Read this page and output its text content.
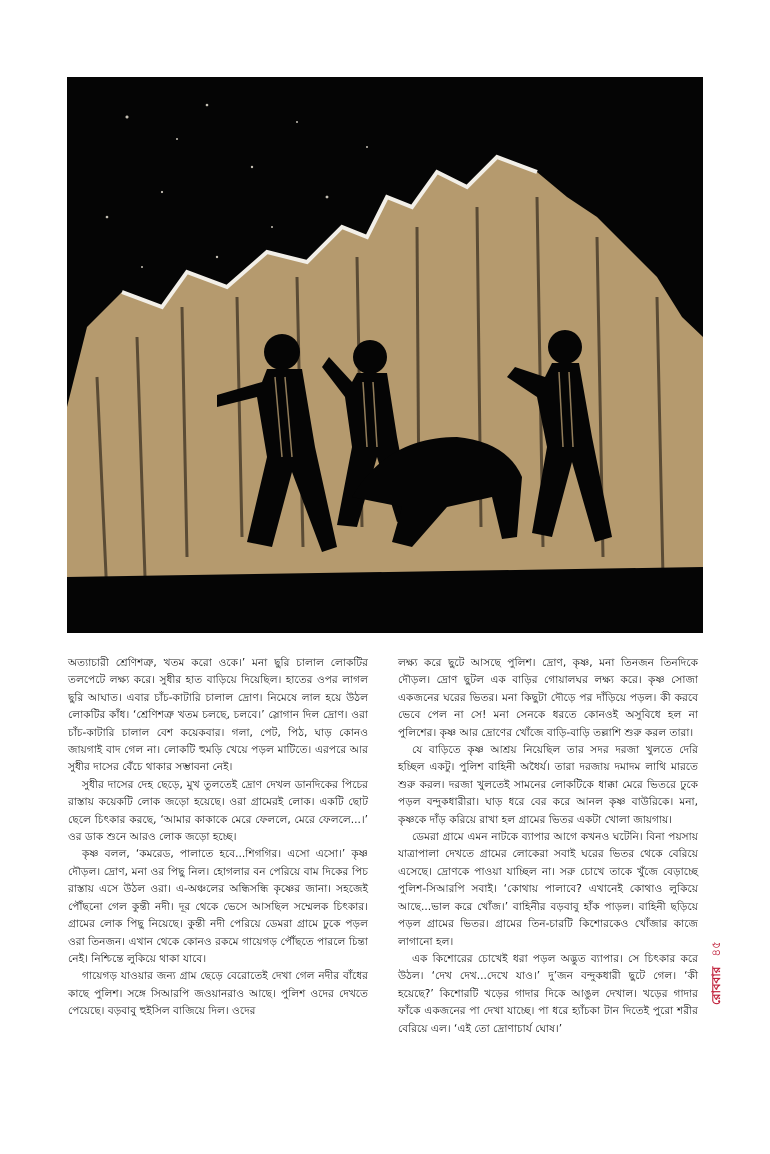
অত্যাচারী শ্রেণিশত্রু, খতম করো ওকে।’ মনা ছুরি চালাল লোকটির তলপেটে লক্ষ্য করে। সুধীর হাত বাড়িয়ে দিয়েছিল। হাতের ওপর লাগল ছুরি আঘাত। এবার চাঁচ-কাটারি চালাল দ্রোণ। নিমেষে লাল হয়ে উঠল লোকটির কাঁধ। ‘শ্রেণিশত্রু খতম চলছে, চলবে।’ স্লোগান দিল দ্রোণ। ওরা চাঁচ-কাটারি চালাল বেশ কয়েকবার। গলা, পেট, পিঠ, ঘাড় কোনও জায়গাই বাদ গেল না। লোকটি হুমড়ি খেয়ে পড়ল মাটিতে। এরপরে আর সুধীর দাসের বেঁচে থাকার সম্ভাবনা নেই।

সুধীর দাসের দেহ ছেড়ে, মুখ তুলতেই দ্রোণ দেখল ডানদিকের পিচের রাস্তায় কয়েকটি লোক জড়ো হয়েছে। ওরা গ্রামেরই লোক। একটি ছোট ছেলে চিৎকার করছে, ‘আমার কাকাকে মেরে ফেললে, মেরে ফেললে...।’ ওর ডাক শুনে আরও লোক জড়ো হচ্ছে।

কৃষ্ণ বলল, ‘কমরেড, পালাতে হবে...শিগগির। এসো এসো।’ কৃষ্ণ দৌড়ল। দ্রোণ, মনা ওর পিছু নিল। হোগলার বন পেরিয়ে বাম দিকের পিচ রাস্তায় এসে উঠল ওরা। এ-অঞ্চলের অন্ধিসন্ধি কৃষ্ণের জানা। সহজেই পৌঁছনো গেল কুন্তী নদী। দূর থেকে ভেসে আসছিল সম্মেলক চিৎকার। গ্রামের লোক পিছু নিয়েছে। কুন্তী নদী পেরিয়ে ডেমরা গ্রামে ঢুকে পড়ল ওরা তিনজন। এখান থেকে কোনও রকমে গায়েগড় পৌঁছতে পারলে চিন্তা নেই। নিশ্চিন্তে লুকিয়ে থাকা যাবে।

গায়েগড় যাওয়ার জন্য গ্রাম ছেড়ে বেরোতেই দেখা গেল নদীর বাঁধের কাছে পুলিশ। সঙ্গে সিআরপি জওয়ানরাও আছে। পুলিশ ওদের দেখতে পেয়েছে। বড়বাবু হুইসিল বাজিয়ে দিল। ওদের

লক্ষ্য করে ছুটে আসছে পুলিশ। দ্রোণ, কৃষ্ণ, মনা তিনজন তিনদিকে দৌড়ল। দ্রোণ ছুটল এক বাড়ির গোয়ালঘর লক্ষ্য করে। কৃষ্ণ সোজা একজনের ঘরের ভিতর। মনা কিছুটা দৌড়ে পর দাঁড়িয়ে পড়ল। কী করবে ভেবে পেল না সে! মনা সেনকে ধরতে কোনওই অসুবিধে হল না পুলিশের। কৃষ্ণ আর দ্রোণের খোঁজে বাড়ি-বাড়ি তল্লাশি শুরু করল তারা।

যে বাড়িতে কৃষ্ণ আশ্রয় নিয়েছিল তার সদর দরজা খুলতে দেরি হচ্ছিল একটু। পুলিশ বাহিনী অধৈর্য। তারা দরজায় দমাদম লাথি মারতে শুরু করল। দরজা খুলতেই সামনের লোকটিকে ধাক্কা মেরে ভিতরে ঢুকে পড়ল বন্দুকধারীরা। ঘাড় ধরে বের করে আনল কৃষ্ণ বাউরিকে। মনা, কৃষ্ণকে দাঁড় করিয়ে রাখা হল গ্রামের ভিতর একটা খোলা জায়গায়।

ডেমরা গ্রামে এমন নাটকে ব্যাপার আগে কখনও ঘটেনি। বিনা পয়সায় যাত্রাপালা দেখতে গ্রামের লোকেরা সবাই ঘরের ভিতর থেকে বেরিয়ে এসেছে। দ্রোণকে পাওয়া যাচ্ছিল না। সরু চোখে তাকে খুঁজে বেড়াচ্ছে পুলিশ-সিআরপি সবাই। ‘কোথায় পালাবে? এখানেই কোথাও লুকিয়ে আছে...ভাল করে খোঁজ।’ বাহিনীর বড়বাবু হাঁক পাড়ল। বাহিনী ছড়িয়ে পড়ল গ্রামের ভিতর। গ্রামের তিন-চারটি কিশোরকেও খোঁজার কাজে লাগানো হল।

এক কিশোরের চোখেই ধরা পড়ল অদ্ভুত ব্যাপার। সে চিৎকার করে উঠল। ‘দেখ দেখ...দেখে যাও।’ দু’জন বন্দুকধারী ছুটে গেল। ‘কী হয়েছে?’ কিশোরটি খড়ের গাদার দিকে আঙুল দেখাল। খড়ের গাদার ফাঁকে একজনের পা দেখা যাচ্ছে। পা ধরে হ্যাঁচকা টান দিতেই পুরো শরীর বেরিয়ে এল। ‘এই তো দ্রোণাচার্য ঘোষ।’

রোববার
৪৫
